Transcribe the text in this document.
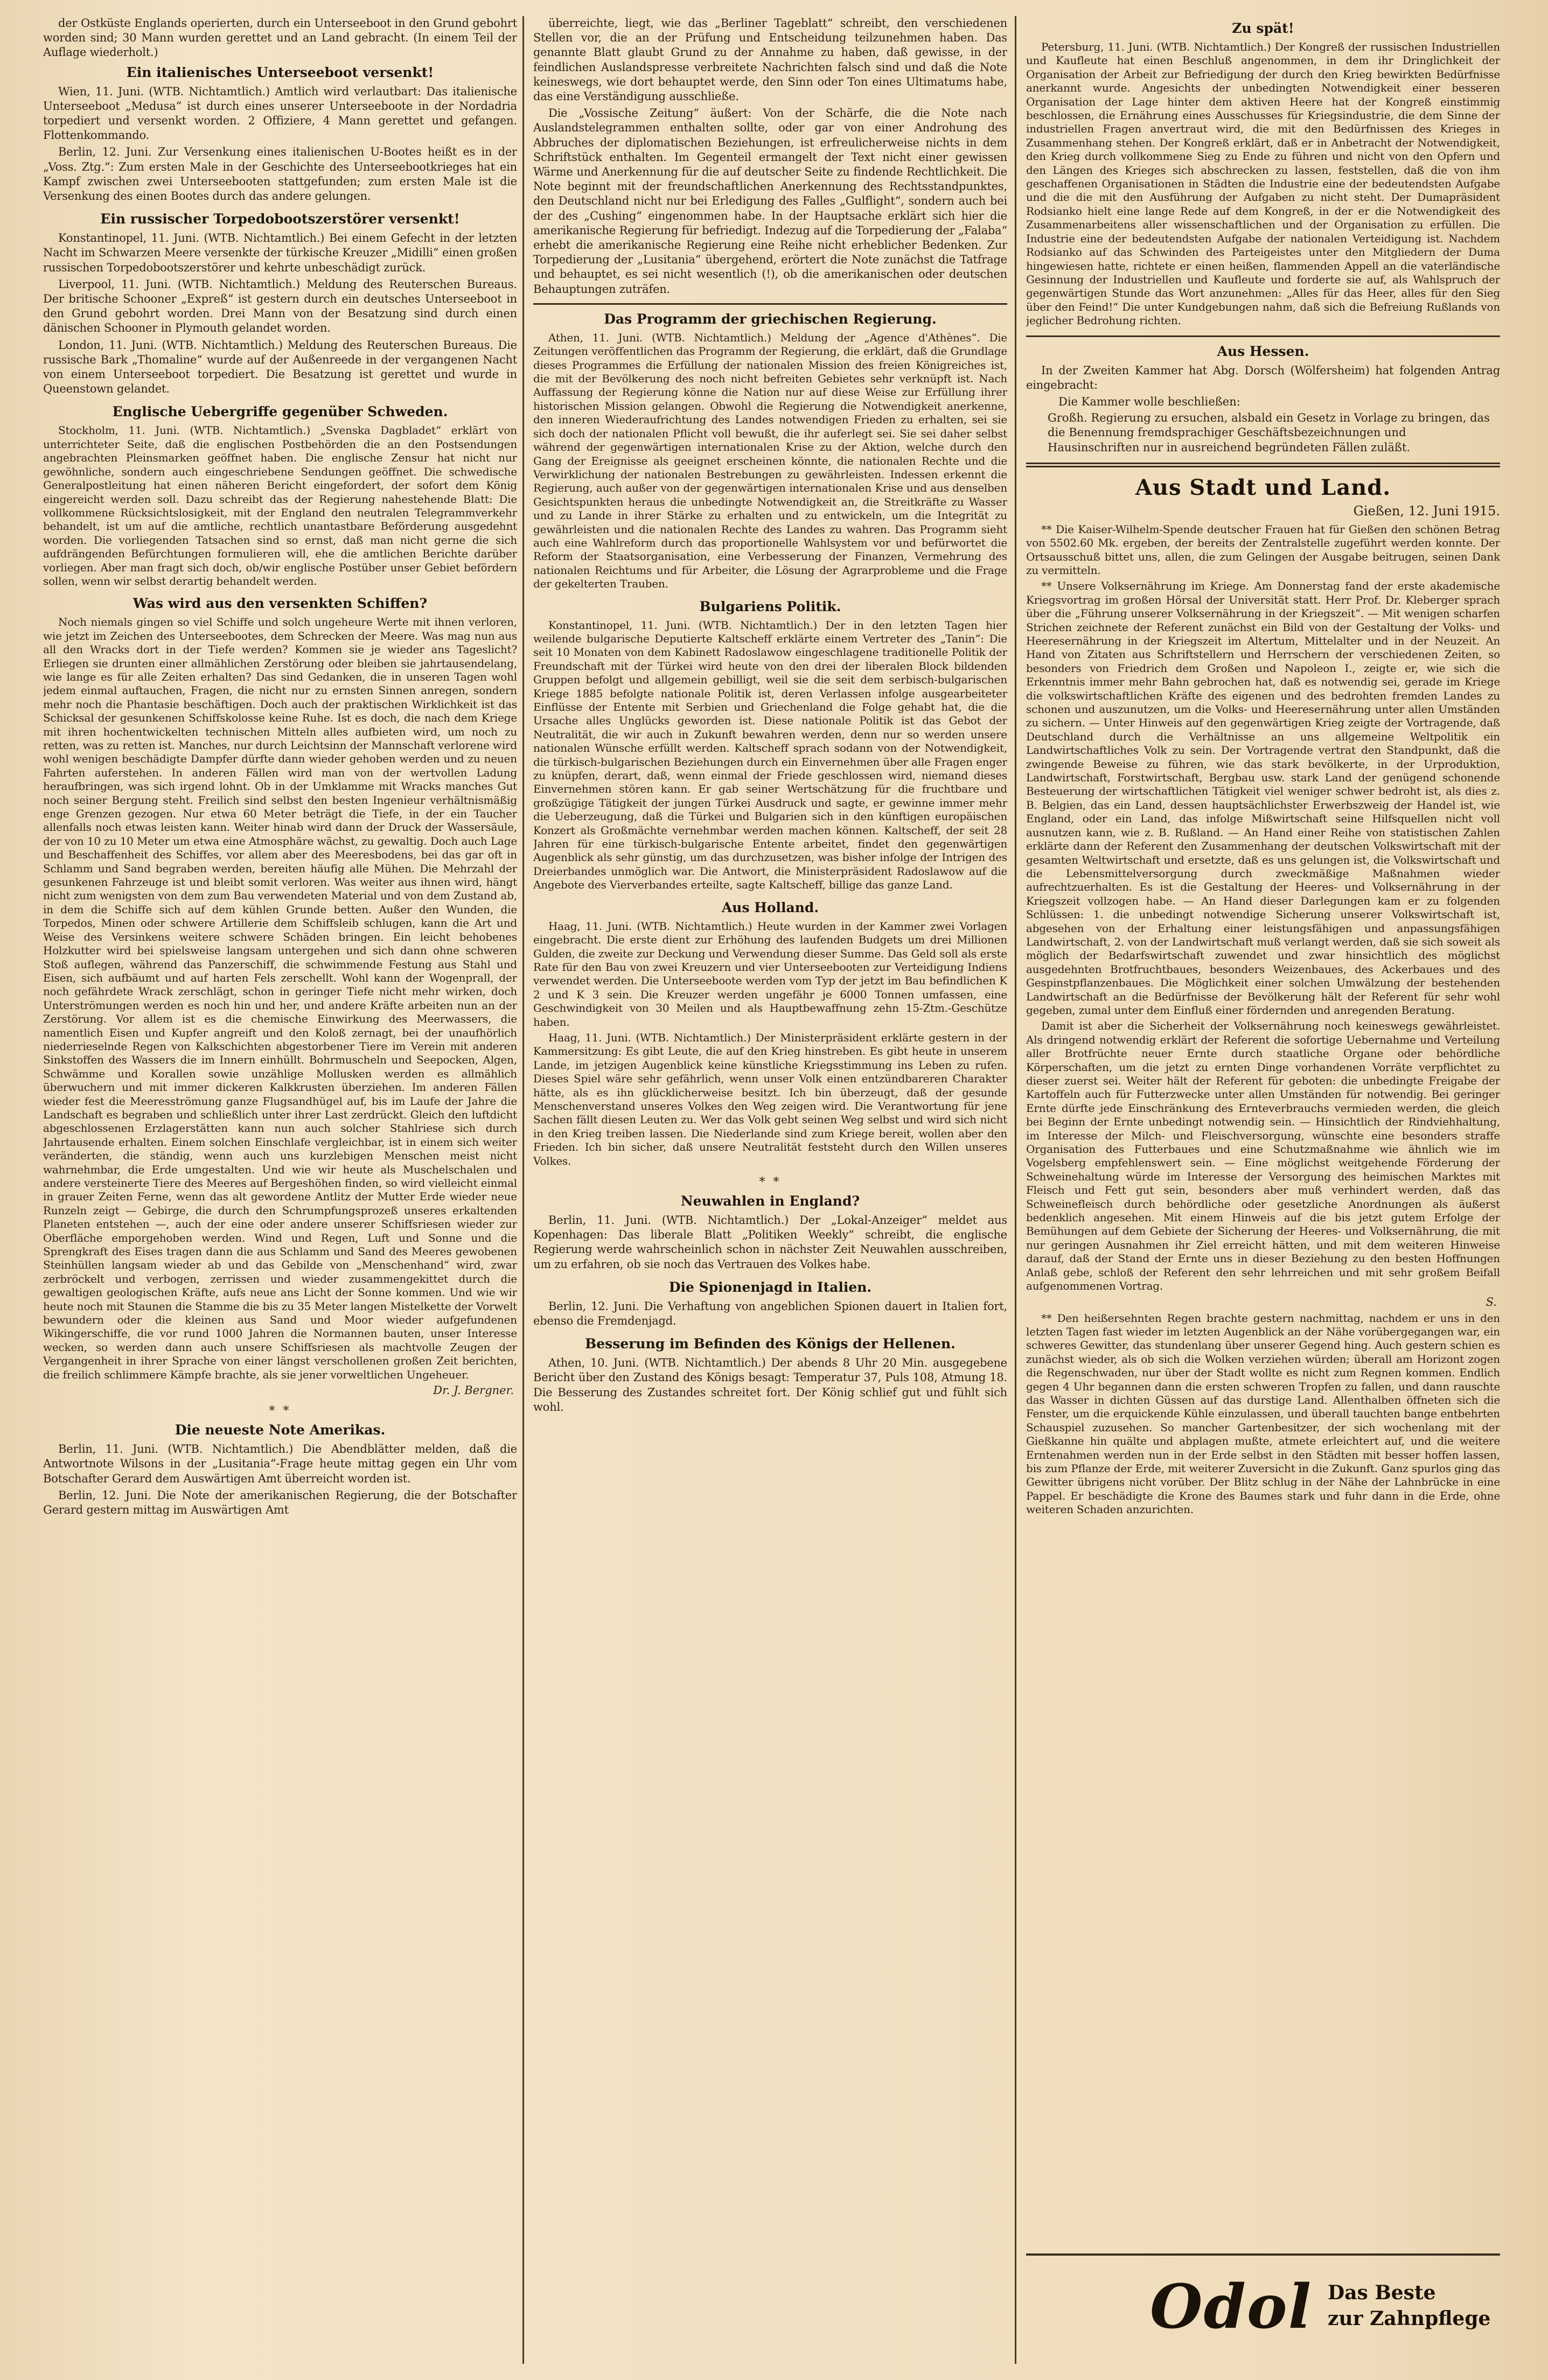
der Ostküste Englands operierten, durch ein Unterseeboot in den Grund gebohrt worden sind; 30 Mann wurden gerettet und an Land gebracht. (In einem Teil der Auflage wiederholt.)

Ein italienisches Unterseeboot versenkt!

Wien, 11. Juni. (WTB. Nichtamtlich.) Amtlich wird verlautbart: Das italienische Unterseeboot „Medusa“ ist durch eines unserer Unterseeboote in der Nordadria torpediert und versenkt worden. 2 Offiziere, 4 Mann gerettet und gefangen. Flottenkommando.

Berlin, 12. Juni. Zur Versenkung eines italienischen U-Bootes heißt es in der „Voss. Ztg.“: Zum ersten Male in der Geschichte des Unterseebootkrieges hat ein Kampf zwischen zwei Unterseebooten stattgefunden; zum ersten Male ist die Versenkung des einen Bootes durch das andere gelungen.

Ein russischer Torpedobootszerstörer versenkt!

Konstantinopel, 11. Juni. (WTB. Nichtamtlich.) Bei einem Gefecht in der letzten Nacht im Schwarzen Meere versenkte der türkische Kreuzer „Midilli“ einen großen russischen Torpedobootszerstörer und kehrte unbeschädigt zurück.

Liverpool, 11. Juni. (WTB. Nichtamtlich.) Meldung des Reuterschen Bureaus. Der britische Schooner „Expreß“ ist gestern durch ein deutsches Unterseeboot in den Grund gebohrt worden. Drei Mann von der Besatzung sind durch einen dänischen Schooner in Plymouth gelandet worden.

London, 11. Juni. (WTB. Nichtamtlich.) Meldung des Reuterschen Bureaus. Die russische Bark „Thomaline“ wurde auf der Außenreede in der vergangenen Nacht von einem Unterseeboot torpediert. Die Besatzung ist gerettet und wurde in Queenstown gelandet.

Englische Uebergriffe gegenüber Schweden.

Stockholm, 11. Juni. (WTB. Nichtamtlich.) „Svenska Dagbladet“ erklärt von unterrichteter Seite, daß die englischen Postbehörden die an den Postsendungen angebrachten Pleinsmarken geöffnet haben. Die englische Zensur hat nicht nur gewöhnliche, sondern auch eingeschriebene Sendungen geöffnet. Die schwedische Generalpostleitung hat einen näheren Bericht eingefordert, der sofort dem König eingereicht werden soll. Dazu schreibt das der Regierung nahestehende Blatt: Die vollkommene Rücksichtslosigkeit, mit der England den neutralen Telegrammverkehr behandelt, ist um auf die amtliche, rechtlich unantastbare Beförderung ausgedehnt worden. Die vorliegenden Tatsachen sind so ernst, daß man nicht gerne die sich aufdrängenden Befürchtungen formulieren will, ehe die amtlichen Berichte darüber vorliegen. Aber man fragt sich doch, ob/wir englische Postüber unser Gebiet befördern sollen, wenn wir selbst derartig behandelt werden.

Was wird aus den versenkten Schiffen?

Noch niemals gingen so viel Schiffe und solch ungeheure Werte mit ihnen verloren, wie jetzt im Zeichen des Unterseebootes, dem Schrecken der Meere. Was mag nun aus all den Wracks dort in der Tiefe werden? Kommen sie je wieder ans Tageslicht? Erliegen sie drunten einer allmählichen Zerstörung oder bleiben sie jahrtausendelang, wie lange es für alle Zeiten erhalten? Das sind Gedanken, die in unseren Tagen wohl jedem einmal auftauchen, Fragen, die nicht nur zu ernsten Sinnen anregen, sondern mehr noch die Phantasie beschäftigen. Doch auch der praktischen Wirklichkeit ist das Schicksal der gesunkenen Schiffskolosse keine Ruhe. Ist es doch, die nach dem Kriege mit ihren hochentwickelten technischen Mitteln alles aufbieten wird, um noch zu retten, was zu retten ist. Manches, nur durch Leichtsinn der Mannschaft verlorene wird wohl wenigen beschädigte Dampfer dürfte dann wieder gehoben werden und zu neuen Fahrten auferstehen. In anderen Fällen wird man von der wertvollen Ladung heraufbringen, was sich irgend lohnt. Ob in der Umklamme mit Wracks manches Gut noch seiner Bergung steht. Freilich sind selbst den besten Ingenieur verhältnismäßig enge Grenzen gezogen. Nur etwa 60 Meter beträgt die Tiefe, in der ein Taucher allenfalls noch etwas leisten kann. Weiter hinab wird dann der Druck der Wassersäule, der von 10 zu 10 Meter um etwa eine Atmosphäre wächst, zu gewaltig. Doch auch Lage und Beschaffenheit des Schiffes, vor allem aber des Meeresbodens, bei das gar oft in Schlamm und Sand begraben werden, bereiten häufig alle Mühen. Die Mehrzahl der gesunkenen Fahrzeuge ist und bleibt somit verloren. Was weiter aus ihnen wird, hängt nicht zum wenigsten von dem zum Bau verwendeten Material und von dem Zustand ab, in dem die Schiffe sich auf dem kühlen Grunde betten. Außer den Wunden, die Torpedos, Minen oder schwere Artillerie dem Schiffsleib schlugen, kann die Art und Weise des Versinkens weitere schwere Schäden bringen. Ein leicht behobenes Holzkutter wird bei spielsweise langsam untergehen und sich dann ohne schweren Stoß auflegen, während das Panzerschiff, die schwimmende Festung aus Stahl und Eisen, sich aufbäumt und auf harten Fels zerschellt. Wohl kann der Wogenprall, der noch gefährdete Wrack zerschlägt, schon in geringer Tiefe nicht mehr wirken, doch Unterströmungen werden es noch hin und her, und andere Kräfte arbeiten nun an der Zerstörung. Vor allem ist es die chemische Einwirkung des Meerwassers, die namentlich Eisen und Kupfer angreift und den Koloß zernagt, bei der unaufhörlich niederrieselnde Regen von Kalkschichten abgestorbener Tiere im Verein mit anderen Sinkstoffen des Wassers die im Innern einhüllt. Bohrmuscheln und Seepocken, Algen, Schwämme und Korallen sowie unzählige Mollusken werden es allmählich überwuchern und mit immer dickeren Kalkkrusten überziehen. Im anderen Fällen wieder fest die Meeresströmung ganze Flugsandhügel auf, bis im Laufe der Jahre die Landschaft es begraben und schließlich unter ihrer Last zerdrückt. Gleich den luftdicht abgeschlossenen Erzlagerstätten kann nun auch solcher Stahlriese sich durch Jahrtausende erhalten. Einem solchen Einschlafe vergleichbar, ist in einem sich weiter veränderten, die ständig, wenn auch uns kurzlebigen Menschen meist nicht wahrnehmbar, die Erde umgestalten. Und wie wir heute als Muschelschalen und andere versteinerte Tiere des Meeres auf Bergeshöhen finden, so wird vielleicht einmal in grauer Zeiten Ferne, wenn das alt gewordene Antlitz der Mutter Erde wieder neue Runzeln zeigt — Gebirge, die durch den Schrumpfungsprozeß unseres erkaltenden Planeten entstehen —, auch der eine oder andere unserer Schiffsriesen wieder zur Oberfläche emporgehoben werden. Wind und Regen, Luft und Sonne und die Sprengkraft des Eises tragen dann die aus Schlamm und Sand des Meeres gewobenen Steinhüllen langsam wieder ab und das Gebilde von „Menschenhand“ wird, zwar zerbröckelt und verbogen, zerrissen und wieder zusammengekittet durch die gewaltigen geologischen Kräfte, aufs neue ans Licht der Sonne kommen. Und wie wir heute noch mit Staunen die Stamme die bis zu 35 Meter langen Mistelkette der Vorwelt bewundern oder die kleinen aus Sand und Moor wieder aufgefundenen Wikingerschiffe, die vor rund 1000 Jahren die Normannen bauten, unser Interesse wecken, so werden dann auch unsere Schiffsriesen als machtvolle Zeugen der Vergangenheit in ihrer Sprache von einer längst verschollenen großen Zeit berichten, die freilich schlimmere Kämpfe brachte, als sie jener vorweltlichen Ungeheuer.

Dr. J. Bergner.
* *
Die neueste Note Amerikas.

Berlin, 11. Juni. (WTB. Nichtamtlich.) Die Abendblätter melden, daß die Antwortnote Wilsons in der „Lusitania“-Frage heute mittag gegen ein Uhr vom Botschafter Gerard dem Auswärtigen Amt überreicht worden ist.

Berlin, 12. Juni. Die Note der amerikanischen Regierung, die der Botschafter Gerard gestern mittag im Auswärtigen Amt

überreichte, liegt, wie das „Berliner Tageblatt“ schreibt, den verschiedenen Stellen vor, die an der Prüfung und Entscheidung teilzunehmen haben. Das genannte Blatt glaubt Grund zu der Annahme zu haben, daß gewisse, in der feindlichen Auslandspresse verbreitete Nachrichten falsch sind und daß die Note keineswegs, wie dort behauptet werde, den Sinn oder Ton eines Ultimatums habe, das eine Verständigung ausschließe.

Die „Vossische Zeitung“ äußert: Von der Schärfe, die die Note nach Auslandstelegrammen enthalten sollte, oder gar von einer Androhung des Abbruches der diplomatischen Beziehungen, ist erfreulicherweise nichts in dem Schriftstück enthalten. Im Gegenteil ermangelt der Text nicht einer gewissen Wärme und Anerkennung für die auf deutscher Seite zu findende Rechtlichkeit. Die Note beginnt mit der freundschaftlichen Anerkennung des Rechtsstandpunktes, den Deutschland nicht nur bei Erledigung des Falles „Gulflight“, sondern auch bei der des „Cushing“ eingenommen habe. In der Hauptsache erklärt sich hier die amerikanische Regierung für befriedigt. Indezug auf die Torpedierung der „Falaba“ erhebt die amerikanische Regierung eine Reihe nicht erheblicher Bedenken. Zur Torpedierung der „Lusitania“ übergehend, erörtert die Note zunächst die Tatfrage und behauptet, es sei nicht wesentlich (!), ob die amerikanischen oder deutschen Behauptungen zuträfen.

Das Programm der griechischen Regierung.

Athen, 11. Juni. (WTB. Nichtamtlich.) Meldung der „Agence d'Athènes“. Die Zeitungen veröffentlichen das Programm der Regierung, die erklärt, daß die Grundlage dieses Programmes die Erfüllung der nationalen Mission des freien Königreiches ist, die mit der Bevölkerung des noch nicht befreiten Gebietes sehr verknüpft ist. Nach Auffassung der Regierung könne die Nation nur auf diese Weise zur Erfüllung ihrer historischen Mission gelangen. Obwohl die Regierung die Notwendigkeit anerkenne, den inneren Wiederaufrichtung des Landes notwendigen Frieden zu erhalten, sei sie sich doch der nationalen Pflicht voll bewußt, die ihr auferlegt sei. Sie sei daher selbst während der gegenwärtigen internationalen Krise zu der Aktion, welche durch den Gang der Ereignisse als geeignet erscheinen könnte, die nationalen Rechte und die Verwirklichung der nationalen Bestrebungen zu gewährleisten. Indessen erkennt die Regierung, auch außer von der gegenwärtigen internationalen Krise und aus denselben Gesichtspunkten heraus die unbedingte Notwendigkeit an, die Streitkräfte zu Wasser und zu Lande in ihrer Stärke zu erhalten und zu entwickeln, um die Integrität zu gewährleisten und die nationalen Rechte des Landes zu wahren. Das Programm sieht auch eine Wahlreform durch das proportionelle Wahlsystem vor und befürwortet die Reform der Staatsorganisation, eine Verbesserung der Finanzen, Vermehrung des nationalen Reichtums und für Arbeiter, die Lösung der Agrarprobleme und die Frage der gekelterten Trauben.

Bulgariens Politik.

Konstantinopel, 11. Juni. (WTB. Nichtamtlich.) Der in den letzten Tagen hier weilende bulgarische Deputierte Kaltscheff erklärte einem Vertreter des „Tanin“: Die seit 10 Monaten von dem Kabinett Radoslawow eingeschlagene traditionelle Politik der Freundschaft mit der Türkei wird heute von den drei der liberalen Block bildenden Gruppen befolgt und allgemein gebilligt, weil sie die seit dem serbisch-bulgarischen Kriege 1885 befolgte nationale Politik ist, deren Verlassen infolge ausgearbeiteter Einflüsse der Entente mit Serbien und Griechenland die Folge gehabt hat, die die Ursache alles Unglücks geworden ist. Diese nationale Politik ist das Gebot der Neutralität, die wir auch in Zukunft bewahren werden, denn nur so werden unsere nationalen Wünsche erfüllt werden. Kaltscheff sprach sodann von der Notwendigkeit, die türkisch-bulgarischen Beziehungen durch ein Einvernehmen über alle Fragen enger zu knüpfen, derart, daß, wenn einmal der Friede geschlossen wird, niemand dieses Einvernehmen stören kann. Er gab seiner Wertschätzung für die fruchtbare und großzügige Tätigkeit der jungen Türkei Ausdruck und sagte, er gewinne immer mehr die Ueberzeugung, daß die Türkei und Bulgarien sich in den künftigen europäischen Konzert als Großmächte vernehmbar werden machen können. Kaltscheff, der seit 28 Jahren für eine türkisch-bulgarische Entente arbeitet, findet den gegenwärtigen Augenblick als sehr günstig, um das durchzusetzen, was bisher infolge der Intrigen des Dreierbandes unmöglich war. Die Antwort, die Ministerpräsident Radoslawow auf die Angebote des Vierverbandes erteilte, sagte Kaltscheff, billige das ganze Land.

Aus Holland.

Haag, 11. Juni. (WTB. Nichtamtlich.) Heute wurden in der Kammer zwei Vorlagen eingebracht. Die erste dient zur Erhöhung des laufenden Budgets um drei Millionen Gulden, die zweite zur Deckung und Verwendung dieser Summe. Das Geld soll als erste Rate für den Bau von zwei Kreuzern und vier Unterseebooten zur Verteidigung Indiens verwendet werden. Die Unterseeboote werden vom Typ der jetzt im Bau befindlichen K 2 und K 3 sein. Die Kreuzer werden ungefähr je 6000 Tonnen umfassen, eine Geschwindigkeit von 30 Meilen und als Hauptbewaffnung zehn 15-Ztm.-Geschütze haben.

Haag, 11. Juni. (WTB. Nichtamtlich.) Der Ministerpräsident erklärte gestern in der Kammersitzung: Es gibt Leute, die auf den Krieg hinstreben. Es gibt heute in unserem Lande, im jetzigen Augenblick keine künstliche Kriegsstimmung ins Leben zu rufen. Dieses Spiel wäre sehr gefährlich, wenn unser Volk einen entzündbareren Charakter hätte, als es ihn glücklicherweise besitzt. Ich bin überzeugt, daß der gesunde Menschenverstand unseres Volkes den Weg zeigen wird. Die Verantwortung für jene Sachen fällt diesen Leuten zu. Wer das Volk gebt seinen Weg selbst und wird sich nicht in den Krieg treiben lassen. Die Niederlande sind zum Kriege bereit, wollen aber den Frieden. Ich bin sicher, daß unsere Neutralität feststeht durch den Willen unseres Volkes.

* *
Neuwahlen in England?

Berlin, 11. Juni. (WTB. Nichtamtlich.) Der „Lokal-Anzeiger“ meldet aus Kopenhagen: Das liberale Blatt „Politiken Weekly“ schreibt, die englische Regierung werde wahrscheinlich schon in nächster Zeit Neuwahlen ausschreiben, um zu erfahren, ob sie noch das Vertrauen des Volkes habe.

Die Spionenjagd in Italien.

Berlin, 12. Juni. Die Verhaftung von angeblichen Spionen dauert in Italien fort, ebenso die Fremdenjagd.

Besserung im Befinden des Königs der Hellenen.

Athen, 10. Juni. (WTB. Nichtamtlich.) Der abends 8 Uhr 20 Min. ausgegebene Bericht über den Zustand des Königs besagt: Temperatur 37, Puls 108, Atmung 18. Die Besserung des Zustandes schreitet fort. Der König schlief gut und fühlt sich wohl.

Zu spät!

Petersburg, 11. Juni. (WTB. Nichtamtlich.) Der Kongreß der russischen Industriellen und Kaufleute hat einen Beschluß angenommen, in dem ihr Dringlichkeit der Organisation der Arbeit zur Befriedigung der durch den Krieg bewirkten Bedürfnisse anerkannt wurde. Angesichts der unbedingten Notwendigkeit einer besseren Organisation der Lage hinter dem aktiven Heere hat der Kongreß einstimmig beschlossen, die Ernährung eines Ausschusses für Kriegsindustrie, die dem Sinne der industriellen Fragen anvertraut wird, die mit den Bedürfnissen des Krieges in Zusammenhang stehen. Der Kongreß erklärt, daß er in Anbetracht der Notwendigkeit, den Krieg durch vollkommene Sieg zu Ende zu führen und nicht von den Opfern und den Längen des Krieges sich abschrecken zu lassen, feststellen, daß die von ihm geschaffenen Organisationen in Städten die Industrie eine der bedeutendsten Aufgabe und die die mit den Ausführung der Aufgaben zu nicht steht. Der Dumapräsident Rodsianko hielt eine lange Rede auf dem Kongreß, in der er die Notwendigkeit des Zusammenarbeitens aller wissenschaftlichen und der Organisation zu erfüllen. Die Industrie eine der bedeutendsten Aufgabe der nationalen Verteidigung ist. Nachdem Rodsianko auf das Schwinden des Parteigeistes unter den Mitgliedern der Duma hingewiesen hatte, richtete er einen heißen, flammenden Appell an die vaterländische Gesinnung der Industriellen und Kaufleute und forderte sie auf, als Wahlspruch der gegenwärtigen Stunde das Wort anzunehmen: „Alles für das Heer, alles für den Sieg über den Feind!“ Die unter Kundgebungen nahm, daß sich die Befreiung Rußlands von jeglicher Bedrohung richten.

Aus Hessen.

In der Zweiten Kammer hat Abg. Dorsch (Wölfersheim) hat folgenden Antrag eingebracht:

Die Kammer wolle beschließen:

Großh. Regierung zu ersuchen, alsbald ein Gesetz in Vorlage zu bringen, das die Benennung fremdsprachiger Geschäftsbezeichnungen und Hausinschriften nur in ausreichend begründeten Fällen zuläßt.

Aus Stadt und Land.
Gießen, 12. Juni 1915.

** Die Kaiser-Wilhelm-Spende deutscher Frauen hat für Gießen den schönen Betrag von 5502.60 Mk. ergeben, der bereits der Zentralstelle zugeführt werden konnte. Der Ortsausschuß bittet uns, allen, die zum Gelingen der Ausgabe beitrugen, seinen Dank zu vermitteln.

** Unsere Volksernährung im Kriege. Am Donnerstag fand der erste akademische Kriegsvortrag im großen Hörsal der Universität statt. Herr Prof. Dr. Kleberger sprach über die „Führung unserer Volksernährung in der Kriegszeit“. — Mit wenigen scharfen Strichen zeichnete der Referent zunächst ein Bild von der Gestaltung der Volks- und Heeresernährung in der Kriegszeit im Altertum, Mittelalter und in der Neuzeit. An Hand von Zitaten aus Schriftstellern und Herrschern der verschiedenen Zeiten, so besonders von Friedrich dem Großen und Napoleon I., zeigte er, wie sich die Erkenntnis immer mehr Bahn gebrochen hat, daß es notwendig sei, gerade im Kriege die volkswirtschaftlichen Kräfte des eigenen und des bedrohten fremden Landes zu schonen und auszunutzen, um die Volks- und Heeresernährung unter allen Umständen zu sichern. — Unter Hinweis auf den gegenwärtigen Krieg zeigte der Vortragende, daß Deutschland durch die Verhältnisse an uns allgemeine Weltpolitik ein Landwirtschaftliches Volk zu sein. Der Vortragende vertrat den Standpunkt, daß die zwingende Beweise zu führen, wie das stark bevölkerte, in der Urproduktion, Landwirtschaft, Forstwirtschaft, Bergbau usw. stark Land der genügend schonende Besteuerung der wirtschaftlichen Tätigkeit viel weniger schwer bedroht ist, als dies z. B. Belgien, das ein Land, dessen hauptsächlichster Erwerbszweig der Handel ist, wie England, oder ein Land, das infolge Mißwirtschaft seine Hilfsquellen nicht voll ausnutzen kann, wie z. B. Rußland. — An Hand einer Reihe von statistischen Zahlen erklärte dann der Referent den Zusammenhang der deutschen Volkswirtschaft mit der gesamten Weltwirtschaft und ersetzte, daß es uns gelungen ist, die Volkswirtschaft und die Lebensmittelversorgung durch zweckmäßige Maßnahmen wieder aufrechtzuerhalten. Es ist die Gestaltung der Heeres- und Volksernährung in der Kriegszeit vollzogen habe. — An Hand dieser Darlegungen kam er zu folgenden Schlüssen: 1. die unbedingt notwendige Sicherung unserer Volkswirtschaft ist, abgesehen von der Erhaltung einer leistungsfähigen und anpassungsfähigen Landwirtschaft, 2. von der Landwirtschaft muß verlangt werden, daß sie sich soweit als möglich der Bedarfswirtschaft zuwendet und zwar hinsichtlich des möglichst ausgedehnten Brotfruchtbaues, besonders Weizenbaues, des Ackerbaues und des Gespinstpflanzenbaues. Die Möglichkeit einer solchen Umwälzung der bestehenden Landwirtschaft an die Bedürfnisse der Bevölkerung hält der Referent für sehr wohl gegeben, zumal unter dem Einfluß einer fördernden und anregenden Beratung.

Damit ist aber die Sicherheit der Volksernährung noch keineswegs gewährleistet. Als dringend notwendig erklärt der Referent die sofortige Uebernahme und Verteilung aller Brotfrüchte neuer Ernte durch staatliche Organe oder behördliche Körperschaften, um die jetzt zu ernten Dinge vorhandenen Vorräte verpflichtet zu dieser zuerst sei. Weiter hält der Referent für geboten: die unbedingte Freigabe der Kartoffeln auch für Futterzwecke unter allen Umständen für notwendig. Bei geringer Ernte dürfte jede Einschränkung des Ernteverbrauchs vermieden werden, die gleich bei Beginn der Ernte unbedingt notwendig sein. — Hinsichtlich der Rindviehhaltung, im Interesse der Milch- und Fleischversorgung, wünschte eine besonders straffe Organisation des Futterbaues und eine Schutzmaßnahme wie ähnlich wie im Vogelsberg empfehlenswert sein. — Eine möglichst weitgehende Förderung der Schweinehaltung würde im Interesse der Versorgung des heimischen Marktes mit Fleisch und Fett gut sein, besonders aber muß verhindert werden, daß das Schweinefleisch durch behördliche oder gesetzliche Anordnungen als äußerst bedenklich angesehen. Mit einem Hinweis auf die bis jetzt gutem Erfolge der Bemühungen auf dem Gebiete der Sicherung der Heeres- und Volksernährung, die mit nur geringen Ausnahmen ihr Ziel erreicht hätten, und mit dem weiteren Hinweise darauf, daß der Stand der Ernte uns in dieser Beziehung zu den besten Hoffnungen Anlaß gebe, schloß der Referent den sehr lehrreichen und mit sehr großem Beifall aufgenommenen Vortrag.

S.

** Den heißersehnten Regen brachte gestern nachmittag, nachdem er uns in den letzten Tagen fast wieder im letzten Augenblick an der Nähe vorübergegangen war, ein schweres Gewitter, das stundenlang über unserer Gegend hing. Auch gestern schien es zunächst wieder, als ob sich die Wolken verziehen würden; überall am Horizont zogen die Regenschwaden, nur über der Stadt wollte es nicht zum Regnen kommen. Endlich gegen 4 Uhr begannen dann die ersten schweren Tropfen zu fallen, und dann rauschte das Wasser in dichten Güssen auf das durstige Land. Allenthalben öffneten sich die Fenster, um die erquickende Kühle einzulassen, und überall tauchten bange entbehrten Schauspiel zuzusehen. So mancher Gartenbesitzer, der sich wochenlang mit der Gießkanne hin quälte und abplagen mußte, atmete erleichtert auf, und die weitere Erntenahmen werden nun in der Erde selbst in den Städten mit besser hoffen lassen, bis zum Pflanze der Erde, mit weiterer Zuversicht in die Zukunft. Ganz spurlos ging das Gewitter übrigens nicht vorüber. Der Blitz schlug in der Nähe der Lahnbrücke in eine Pappel. Er beschädigte die Krone des Baumes stark und fuhr dann in die Erde, ohne weiteren Schaden anzurichten.

Odol Das Beste
zur Zahnpflege
